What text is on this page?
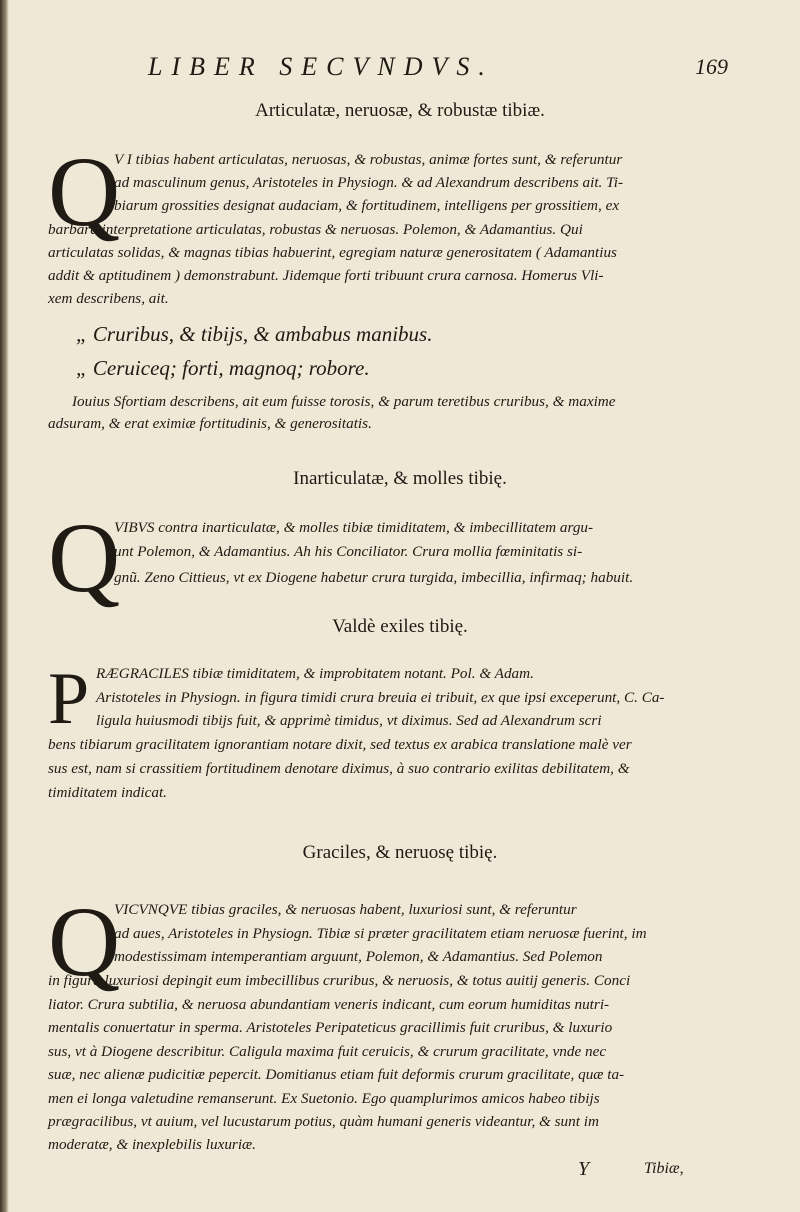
LIBER SECVNDVS.	169
Articulatæ, neruosæ, & robustæ tibiæ.
Q
V I tibias habent articulatas, neruosas, & robustas, animæ fortes sunt, & referuntur
ad masculinum genus, Aristoteles in Physiogn. & ad Alexandrum describens ait. Ti-
biarum grossities designat audaciam, & fortitudinem, intelligens per grossitiem, ex
barbara interpretatione articulatas, robustas & neruosas. Polemon, & Adamantius. Qui
articulatas solidas, & magnas tibias habuerint, egregiam naturæ generositatem ( Adamantius
addit & aptitudinem ) demonstrabunt. Jidemque forti tribuunt crura carnosa. Homerus Vli-
xem describens, ait.
„ Cruribus, & tibijs, & ambabus manibus.
„ Ceruiceq; forti, magnoq; robore.
Iouius Sfortiam describens, ait eum fuisse torosis, & parum teretibus cruribus, & maxime
adsuram, & erat eximiæ fortitudinis, & generositatis.
Inarticulatæ, & molles tibię.
Q
VIBVS contra inarticulatæ, & molles tibiæ timiditatem, & imbecillitatem argu-
unt Polemon, & Adamantius. Ah his Conciliator. Crura mollia fœminitatis si-
gnũ. Zeno Cittieus, vt ex Diogene habetur crura turgida, imbecillia, infirmaq; habuit.
Valdè exiles tibię.
P RÆGRACILES tibiæ timiditatem, & improbitatem notant. Pol. & Adam.
Aristoteles in Physiogn. in figura timidi crura breuia ei tribuit, ex que ipsi exceperunt, C. Ca-
ligula huiusmodi tibijs fuit, & apprimè timidus, vt diximus. Sed ad Alexandrum scri
bens tibiarum gracilitatem ignorantiam notare dixit, sed textus ex arabica translatione malè ver
sus est, nam si crassitiem fortitudinem denotare diximus, à suo contrario exilitas debilitatem, &
timiditatem indicat.
Graciles, & neruosę tibię.
Q
VICVNQVE tibias graciles, & neruosas habent, luxuriosi sunt, & referuntur
ad aues, Aristoteles in Physiogn. Tibiæ si præter gracilitatem etiam neruosæ fuerint, im
modestissimam intemperantiam arguunt, Polemon, & Adamantius. Sed Polemon
in figura luxuriosi depingit eum imbecillibus cruribus, & neruosis, & totus auitij generis. Conci
liator. Crura subtilia, & neruosa abundantiam veneris indicant, cum eorum humiditas nutri-
mentalis conuertatur in sperma. Aristoteles Peripateticus gracillimis fuit cruribus, & luxurio
sus, vt à Diogene describitur. Caligula maxima fuit ceruicis, & crurum gracilitate, vnde nec
suæ, nec alienæ pudicitiæ pepercit. Domitianus etiam fuit deformis crurum gracilitate, quæ ta-
men ei longa valetudine remanserunt. Ex Suetonio. Ego quamplurimos amicos habeo tibijs
prægracilibus, vt auium, vel lucustarum potius, quàm humani generis videantur, & sunt im
moderatæ, & inexplebilis luxuriæ.
Y	Tibiæ,
